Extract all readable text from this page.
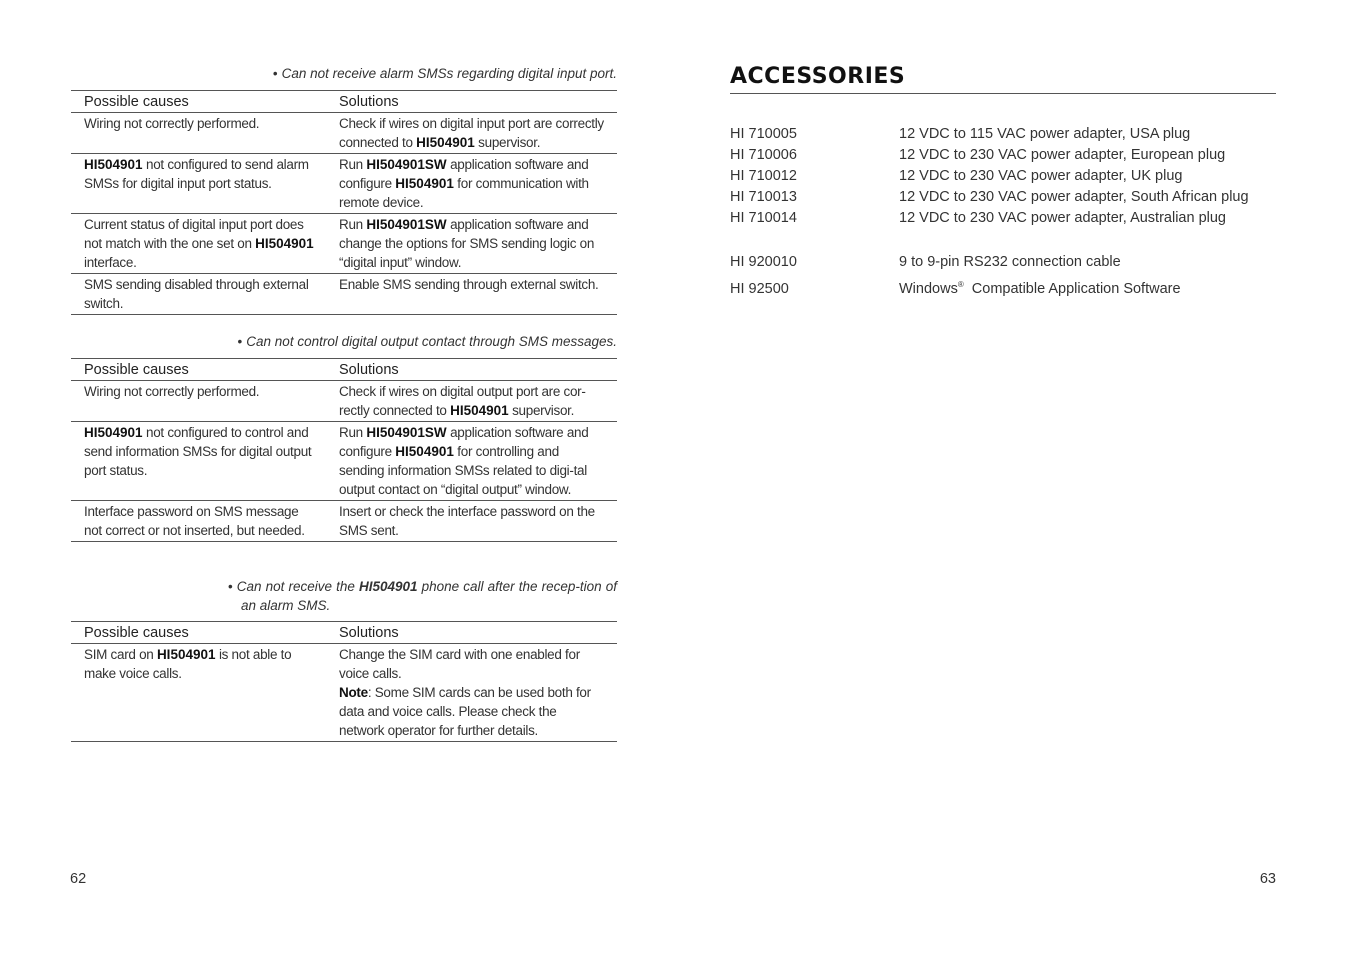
• Can not receive alarm SMSs regarding digital input port.
Possible causes	Solutions
Wiring not correctly performed.	Check if wires on digital input port are correctly connected to HI504901 supervisor.
HI504901 not configured to send alarm SMSs for digital input port status.	Run HI504901SW application software and configure HI504901 for communication with remote device.
Current status of digital input port does not match with the one set on HI504901 interface.	Run HI504901SW application software and change the options for SMS sending logic on “digital input” window.
SMS sending disabled through external switch.	Enable SMS sending through external switch.
• Can not control digital output contact through SMS messages.
Possible causes	Solutions
Wiring not correctly performed.	Check if wires on digital output port are cor-rectly connected to HI504901 supervisor.
HI504901 not configured to control and send information SMSs for digital output port status.	Run HI504901SW application software and configure HI504901 for controlling and sending information SMSs related to digi-tal output contact on “digital output” window.
Interface password on SMS message not correct or not inserted, but needed.	Insert or check the interface password on the SMS sent.
• Can not receive the HI504901 phone call after the recep-tion of an alarm SMS.
Possible causes	Solutions
SIM card on HI504901 is not able to make voice calls.	Change the SIM card with one enabled for voice calls.
Note: Some SIM cards can be used both for data and voice calls. Please check the network operator for further details.
62
ACCESSORIES
HI 710005	12 VDC to 115 VAC power adapter, USA plug
HI 710006	12 VDC to 230 VAC power adapter, European plug
HI 710012	12 VDC to 230 VAC power adapter, UK plug
HI 710013	12 VDC to 230 VAC power adapter, South African plug
HI 710014	12 VDC to 230 VAC power adapter, Australian plug
HI 920010	9 to 9-pin RS232 connection cable
HI 92500	Windows®  Compatible Application Software
63
